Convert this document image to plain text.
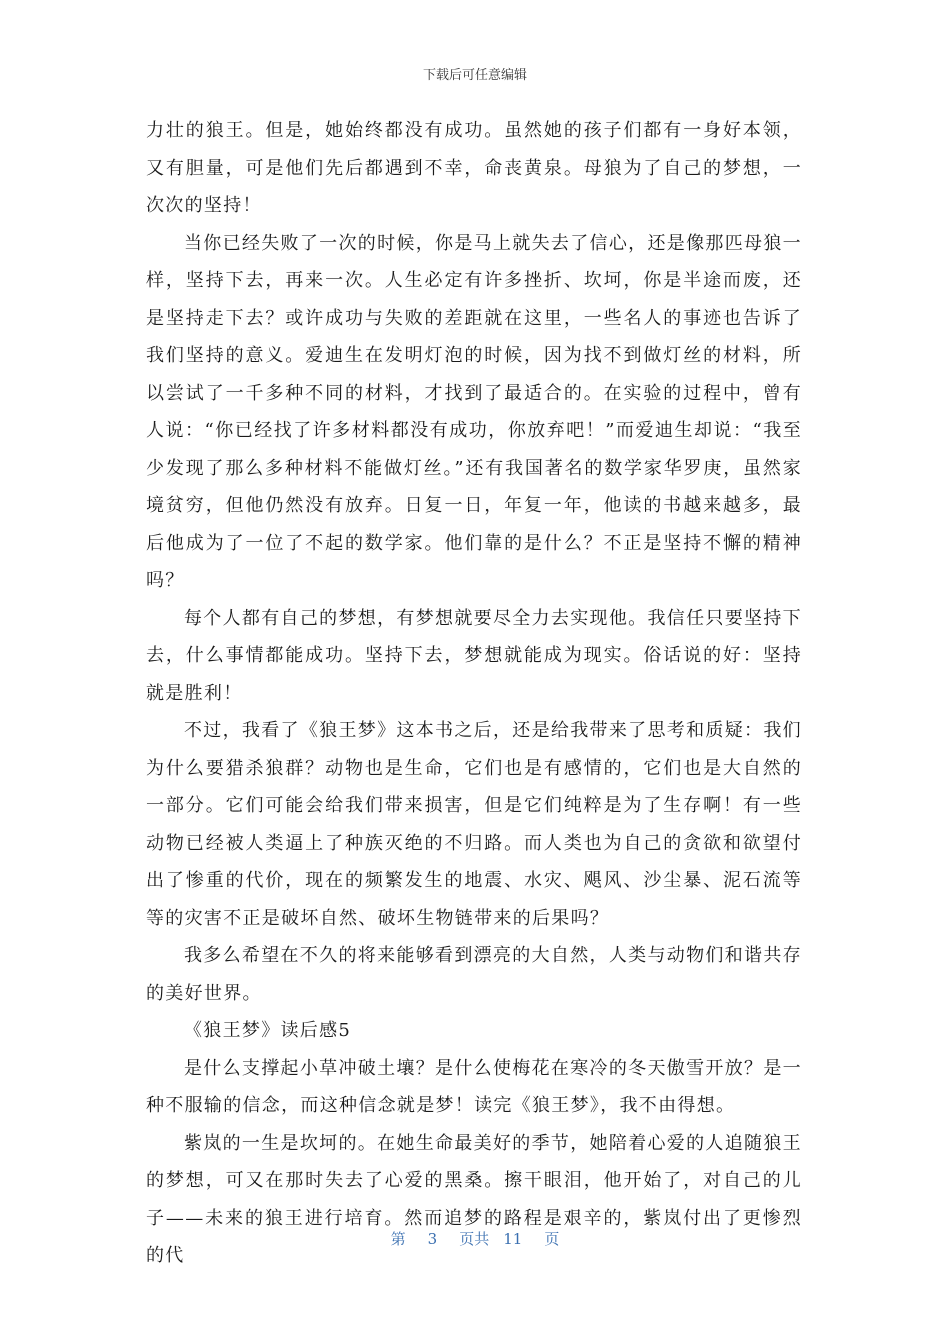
下载后可任意编辑

力壮的狼王。但是，她始终都没有成功。虽然她的孩子们都有一身好本领，又有胆量，可是他们先后都遇到不幸，命丧黄泉。母狼为了自己的梦想，一次次的坚持！

当你已经失败了一次的时候，你是马上就失去了信心，还是像那匹母狼一样，坚持下去，再来一次。人生必定有许多挫折、坎坷，你是半途而废，还是坚持走下去？或许成功与失败的差距就在这里，一些名人的事迹也告诉了我们坚持的意义。爱迪生在发明灯泡的时候，因为找不到做灯丝的材料，所以尝试了一千多种不同的材料，才找到了最适合的。在实验的过程中，曾有人说：“你已经找了许多材料都没有成功，你放弃吧！”而爱迪生却说：“我至少发现了那么多种材料不能做灯丝。”还有我国著名的数学家华罗庚，虽然家境贫穷，但他仍然没有放弃。日复一日，年复一年，他读的书越来越多，最后他成为了一位了不起的数学家。他们靠的是什么？不正是坚持不懈的精神吗？

每个人都有自己的梦想，有梦想就要尽全力去实现他。我信任只要坚持下去，什么事情都能成功。坚持下去，梦想就能成为现实。俗话说的好：坚持就是胜利！

不过，我看了《狼王梦》这本书之后，还是给我带来了思考和质疑：我们为什么要猎杀狼群？动物也是生命，它们也是有感情的，它们也是大自然的一部分。它们可能会给我们带来损害，但是它们纯粹是为了生存啊！有一些动物已经被人类逼上了种族灭绝的不归路。而人类也为自己的贪欲和欲望付出了惨重的代价，现在的频繁发生的地震、水灾、飓风、沙尘暴、泥石流等等的灾害不正是破坏自然、破坏生物链带来的后果吗？

我多么希望在不久的将来能够看到漂亮的大自然，人类与动物们和谐共存的美好世界。

《狼王梦》读后感5

是什么支撑起小草冲破土壤？是什么使梅花在寒冷的冬天傲雪开放？是一种不服输的信念，而这种信念就是梦！读完《狼王梦》，我不由得想。

紫岚的一生是坎坷的。在她生命最美好的季节，她陪着心爱的人追随狼王的梦想，可又在那时失去了心爱的黑桑。擦干眼泪，他开始了，对自己的儿子——未来的狼王进行培育。然而追梦的路程是艰辛的，紫岚付出了更惨烈的代

第 3 页共 11 页
